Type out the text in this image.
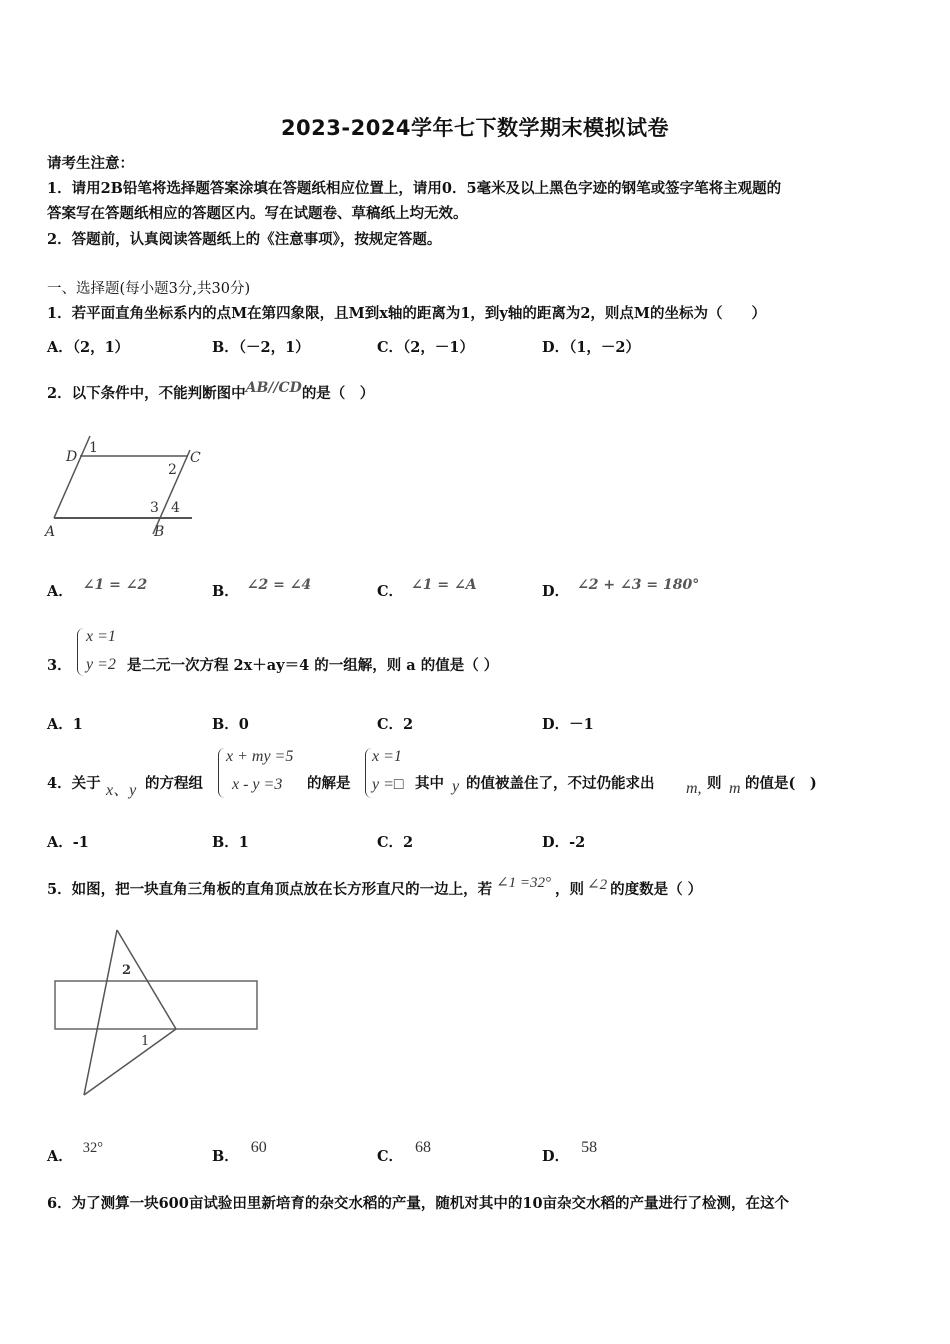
2023-2024学年七下数学期末模拟试卷
请考生注意：
1．请用2B铅笔将选择题答案涂填在答题纸相应位置上，请用0．5毫米及以上黑色字迹的钢笔或签字笔将主观题的
答案写在答题纸相应的答题区内。写在试题卷、草稿纸上均无效。
2．答题前，认真阅读答题纸上的《注意事项》，按规定答题。
一、选择题(每小题3分,共30分)
1．若平面直角坐标系内的点M在第四象限，且M到x轴的距离为1，到y轴的距离为2，则点M的坐标为（　　）
A．（2，1）	B．（－2，1）	C．（2，－1）	D．（1，－2）
2．以下条件中，不能判断图中AB//CD的是（　）
D
1
C
2
3 4
A	B
A． ∠1 = ∠2	B． ∠2 = ∠4	C． ∠1 = ∠A	D． ∠2 + ∠3 = 180°
3．
x =1
y =2 是二元一次方程 2x＋ay＝4 的一组解，则 a 的值是（ ）
A．1	B．0	C．2	D．－1
4．关于 x、y 的方程组
x + my =5
x - y =3 的解是
x =1
y =□ 其中 y 的值被盖住了，不过仍能求出 m, 则 m 的值是(　)
A．-1	B．1	C．2	D．-2
5．如图，把一块直角三角板的直角顶点放在长方形直尺的一边上，若 ∠1 =32° ，则 ∠2 的度数是（ ）
2
1
A． 32°	B．60
C．68
D．58
6．为了测算一块600亩试验田里新培育的杂交水稻的产量，随机对其中的10亩杂交水稻的产量进行了检测，在这个
